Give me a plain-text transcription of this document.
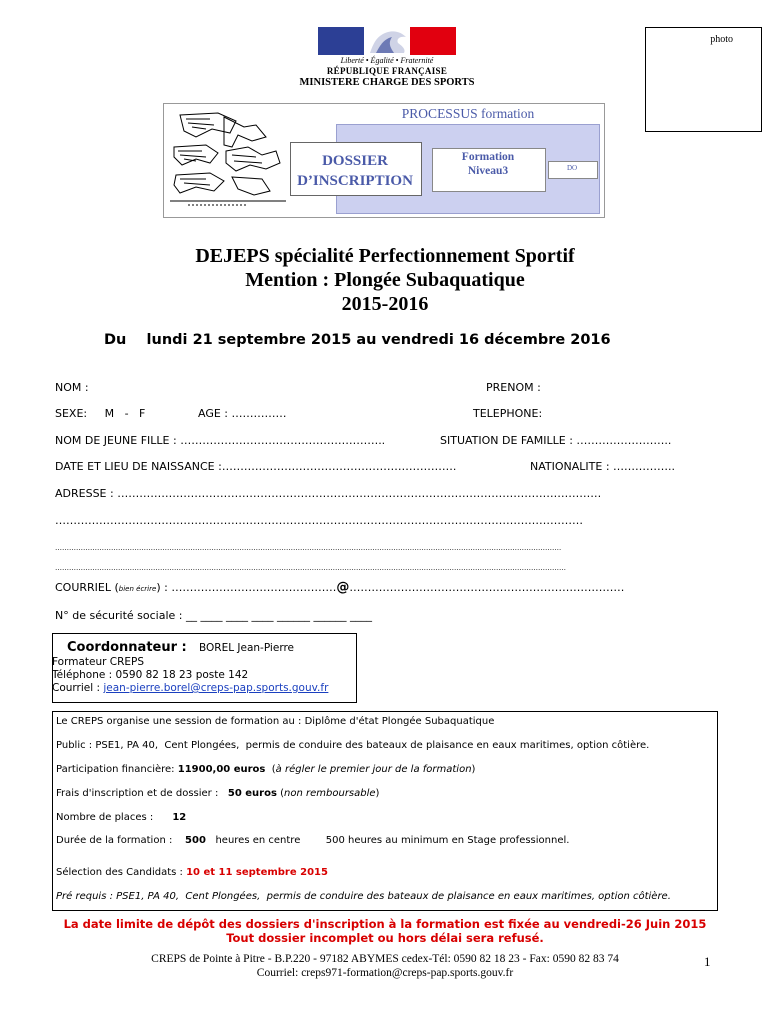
Liberté • Égalité • Fraternité
RÉPUBLIQUE FRANÇAISE
MINISTERE CHARGE DES SPORTS
photo
PROCESSUS formation
DOSSIER
D’INSCRIPTION
Formation
Niveau3	DO
DEJEPS spécialité Perfectionnement Sportif
Mention : Plongée Subaquatique
2015-2016
Du    lundi 21 septembre 2015 au vendredi 16 décembre 2016
NOM :	PRENOM :
SEXE:     M   -   F	AGE : ……………	TELEPHONE:
NOM DE JEUNE FILLE : ………………………………………………..	SITUATION DE FAMILLE : ……………………..
DATE ET LIEU DE NAISSANCE :……………………………………………………….	NATIONALITE : ……………..
ADRESSE : ……………………………………………………………………………………………………………………
………………………………………………………………………………………………………………………………
……………………………………………………………………………………………………………………………………………………………………………………………….
…………………………………………………………………………………………………………………………………………………………………………………………………
COURRIEL (bien écrire) : ………………………………………@…………………………………………………………………
N° de sécurité sociale : __ ____ ____ ____ ______ ______ ____
Coordonnateur : BOREL Jean-Pierre
Formateur CREPS
Téléphone : 0590 82 18 23 poste 142
Courriel : jean-pierre.borel@creps-pap.sports.gouv.fr
Le CREPS organise une session de formation au : Diplôme d'état Plongée Subaquatique
Public : PSE1, PA 40,  Cent Plongées,  permis de conduire des bateaux de plaisance en eaux maritimes, option côtière.
Participation financière: 11900,00 euros  (à régler le premier jour de la formation)
Frais d'inscription et de dossier :   50 euros (non remboursable)
Nombre de places :      12
Durée de la formation :    500   heures en centre        500 heures au minimum en Stage professionnel.
Sélection des Candidats : 10 et 11 septembre 2015
Pré requis : PSE1, PA 40,  Cent Plongées,  permis de conduire des bateaux de plaisance en eaux maritimes, option côtière.
La date limite de dépôt des dossiers d'inscription à la formation est fixée au vendredi-26 Juin 2015
Tout dossier incomplet ou hors délai sera refusé.
CREPS de Pointe à Pitre - B.P.220 - 97182 ABYMES cedex-Tél: 0590 82 18 23 - Fax: 0590 82 83 74
Courriel: creps971-formation@creps-pap.sports.gouv.fr
1
